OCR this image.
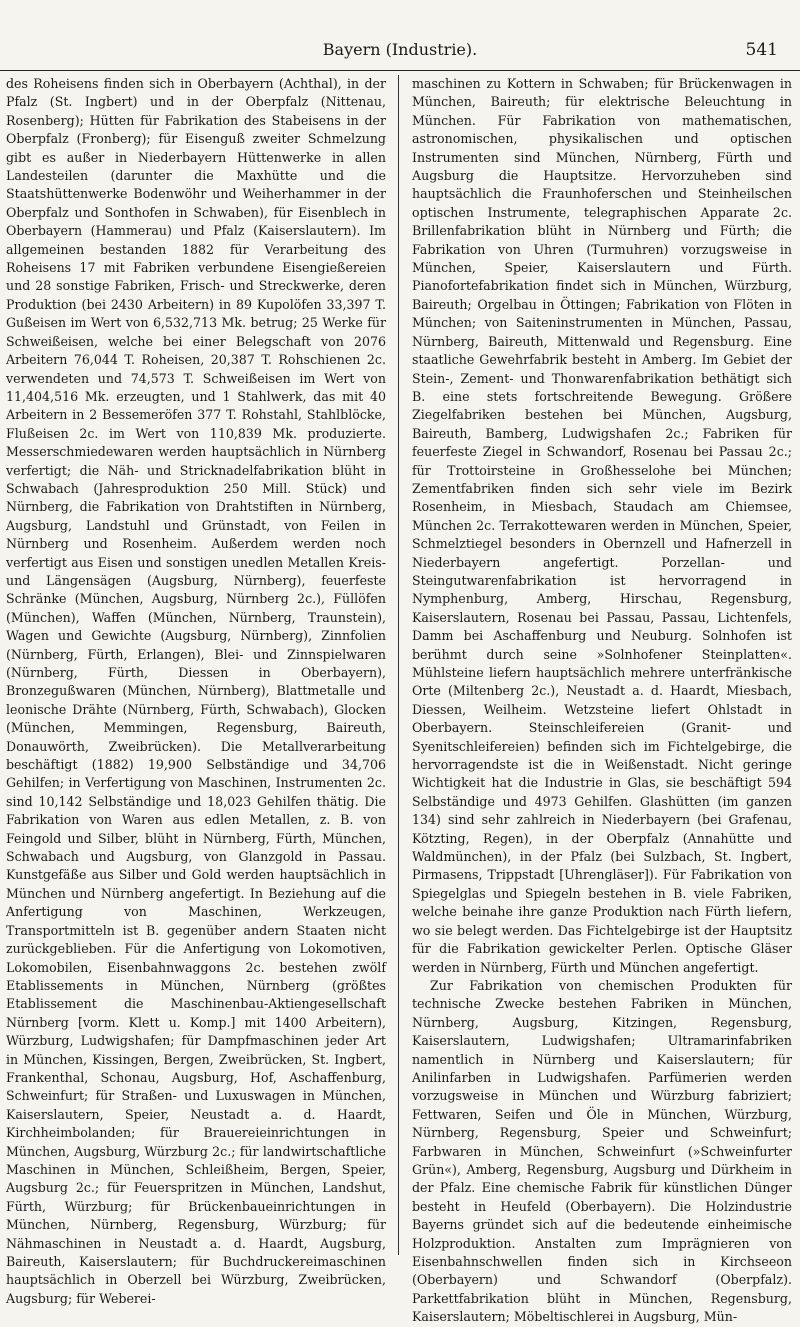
Bayern (Industrie).	541

des Roheisens finden sich in Oberbayern (Achthal), in der Pfalz (St. Ingbert) und in der Oberpfalz (Nittenau, Rosenberg); Hütten für Fabrikation des Stabeisens in der Oberpfalz (Fronberg); für Eisenguß zweiter Schmelzung gibt es außer in Niederbayern Hüttenwerke in allen Landesteilen (darunter die Maxhütte und die Staatshüttenwerke Bodenwöhr und Weiherhammer in der Oberpfalz und Sonthofen in Schwaben), für Eisenblech in Oberbayern (Hammerau) und Pfalz (Kaiserslautern). Im allgemeinen bestanden 1882 für Verarbeitung des Roheisens 17 mit Fabriken verbundene Eisengießereien und 28 sonstige Fabriken, Frisch- und Streckwerke, deren Produktion (bei 2430 Arbeitern) in 89 Kupolöfen 33,397 T. Gußeisen im Wert von 6,532,713 Mk. betrug; 25 Werke für Schweißeisen, welche bei einer Belegschaft von 2076 Arbeitern 76,044 T. Roheisen, 20,387 T. Rohschienen 2c. verwendeten und 74,573 T. Schweißeisen im Wert von 11,404,516 Mk. erzeugten, und 1 Stahlwerk, das mit 40 Arbeitern in 2 Bessemeröfen 377 T. Rohstahl, Stahlblöcke, Flußeisen 2c. im Wert von 110,839 Mk. produzierte. Messerschmiedewaren werden hauptsächlich in Nürnberg verfertigt; die Näh- und Stricknadelfabrikation blüht in Schwabach (Jahresproduktion 250 Mill. Stück) und Nürnberg, die Fabrikation von Drahtstiften in Nürnberg, Augsburg, Landstuhl und Grünstadt, von Feilen in Nürnberg und Rosenheim. Außerdem werden noch verfertigt aus Eisen und sonstigen unedlen Metallen Kreis- und Längensägen (Augsburg, Nürnberg), feuerfeste Schränke (München, Augsburg, Nürnberg 2c.), Füllöfen (München), Waffen (München, Nürnberg, Traunstein), Wagen und Gewichte (Augsburg, Nürnberg), Zinnfolien (Nürnberg, Fürth, Erlangen), Blei- und Zinnspielwaren (Nürnberg, Fürth, Diessen in Oberbayern), Bronzegußwaren (München, Nürnberg), Blattmetalle und leonische Drähte (Nürnberg, Fürth, Schwabach), Glocken (München, Memmingen, Regensburg, Baireuth, Donauwörth, Zweibrücken). Die Metallverarbeitung beschäftigt (1882) 19,900 Selbständige und 34,706 Gehilfen; in Verfertigung von Maschinen, Instrumenten 2c. sind 10,142 Selbständige und 18,023 Gehilfen thätig. Die Fabrikation von Waren aus edlen Metallen, z. B. von Feingold und Silber, blüht in Nürnberg, Fürth, München, Schwabach und Augsburg, von Glanzgold in Passau. Kunstgefäße aus Silber und Gold werden hauptsächlich in München und Nürnberg angefertigt. In Beziehung auf die Anfertigung von Maschinen, Werkzeugen, Transportmitteln ist B. gegenüber andern Staaten nicht zurückgeblieben. Für die Anfertigung von Lokomotiven, Lokomobilen, Eisenbahnwaggons 2c. bestehen zwölf Etablissements in München, Nürnberg (größtes Etablissement die Maschinenbau-Aktiengesellschaft Nürnberg [vorm. Klett u. Komp.] mit 1400 Arbeitern), Würzburg, Ludwigshafen; für Dampfmaschinen jeder Art in München, Kissingen, Bergen, Zweibrücken, St. Ingbert, Frankenthal, Schonau, Augsburg, Hof, Aschaffenburg, Schweinfurt; für Straßen- und Luxuswagen in München, Kaiserslautern, Speier, Neustadt a. d. Haardt, Kirchheimbolanden; für Brauereieinrichtungen in München, Augsburg, Würzburg 2c.; für landwirtschaftliche Maschinen in München, Schleißheim, Bergen, Speier, Augsburg 2c.; für Feuerspritzen in München, Landshut, Fürth, Würzburg; für Brückenbaueinrichtungen in München, Nürnberg, Regensburg, Würzburg; für Nähmaschinen in Neustadt a. d. Haardt, Augsburg, Baireuth, Kaiserslautern; für Buchdruckereimaschinen hauptsächlich in Oberzell bei Würzburg, Zweibrücken, Augsburg; für Weberei-

maschinen zu Kottern in Schwaben; für Brückenwagen in München, Baireuth; für elektrische Beleuchtung in München. Für Fabrikation von mathematischen, astronomischen, physikalischen und optischen Instrumenten sind München, Nürnberg, Fürth und Augsburg die Hauptsitze. Hervorzuheben sind hauptsächlich die Fraunhoferschen und Steinheilschen optischen Instrumente, telegraphischen Apparate 2c. Brillenfabrikation blüht in Nürnberg und Fürth; die Fabrikation von Uhren (Turmuhren) vorzugsweise in München, Speier, Kaiserslautern und Fürth. Pianofortefabrikation findet sich in München, Würzburg, Baireuth; Orgelbau in Öttingen; Fabrikation von Flöten in München; von Saiteninstrumenten in München, Passau, Nürnberg, Baireuth, Mittenwald und Regensburg. Eine staatliche Gewehrfabrik besteht in Amberg. Im Gebiet der Stein-, Zement- und Thonwarenfabrikation bethätigt sich B. eine stets fortschreitende Bewegung. Größere Ziegelfabriken bestehen bei München, Augsburg, Baireuth, Bamberg, Ludwigshafen 2c.; Fabriken für feuerfeste Ziegel in Schwandorf, Rosenau bei Passau 2c.; für Trottoirsteine in Großhesselohe bei München; Zementfabriken finden sich sehr viele im Bezirk Rosenheim, in Miesbach, Staudach am Chiemsee, München 2c. Terrakottewaren werden in München, Speier, Schmelztiegel besonders in Obernzell und Hafnerzell in Niederbayern angefertigt. Porzellan- und Steingutwarenfabrikation ist hervorragend in Nymphenburg, Amberg, Hirschau, Regensburg, Kaiserslautern, Rosenau bei Passau, Passau, Lichtenfels, Damm bei Aschaffenburg und Neuburg. Solnhofen ist berühmt durch seine »Solnhofener Steinplatten«. Mühlsteine liefern hauptsächlich mehrere unterfränkische Orte (Miltenberg 2c.), Neustadt a. d. Haardt, Miesbach, Diessen, Weilheim. Wetzsteine liefert Ohlstadt in Oberbayern. Steinschleifereien (Granit- und Syenitschleifereien) befinden sich im Fichtelgebirge, die hervorragendste ist die in Weißenstadt. Nicht geringe Wichtigkeit hat die Industrie in Glas, sie beschäftigt 594 Selbständige und 4973 Gehilfen. Glashütten (im ganzen 134) sind sehr zahlreich in Niederbayern (bei Grafenau, Kötzting, Regen), in der Oberpfalz (Annahütte und Waldmünchen), in der Pfalz (bei Sulzbach, St. Ingbert, Pirmasens, Trippstadt [Uhrengläser]). Für Fabrikation von Spiegelglas und Spiegeln bestehen in B. viele Fabriken, welche beinahe ihre ganze Produktion nach Fürth liefern, wo sie belegt werden. Das Fichtelgebirge ist der Hauptsitz für die Fabrikation gewickelter Perlen. Optische Gläser werden in Nürnberg, Fürth und München angefertigt.

Zur Fabrikation von chemischen Produkten für technische Zwecke bestehen Fabriken in München, Nürnberg, Augsburg, Kitzingen, Regensburg, Kaiserslautern, Ludwigshafen; Ultramarinfabriken namentlich in Nürnberg und Kaiserslautern; für Anilinfarben in Ludwigshafen. Parfümerien werden vorzugsweise in München und Würzburg fabriziert; Fettwaren, Seifen und Öle in München, Würzburg, Nürnberg, Regensburg, Speier und Schweinfurt; Farbwaren in München, Schweinfurt (»Schweinfurter Grün«), Amberg, Regensburg, Augsburg und Dürkheim in der Pfalz. Eine chemische Fabrik für künstlichen Dünger besteht in Heufeld (Oberbayern). Die Holzindustrie Bayerns gründet sich auf die bedeutende einheimische Holzproduktion. Anstalten zum Imprägnieren von Eisenbahnschwellen finden sich in Kirchseeon (Oberbayern) und Schwandorf (Oberpfalz). Parkettfabrikation blüht in München, Regensburg, Kaiserslautern; Möbeltischlerei in Augsburg, Mün-
